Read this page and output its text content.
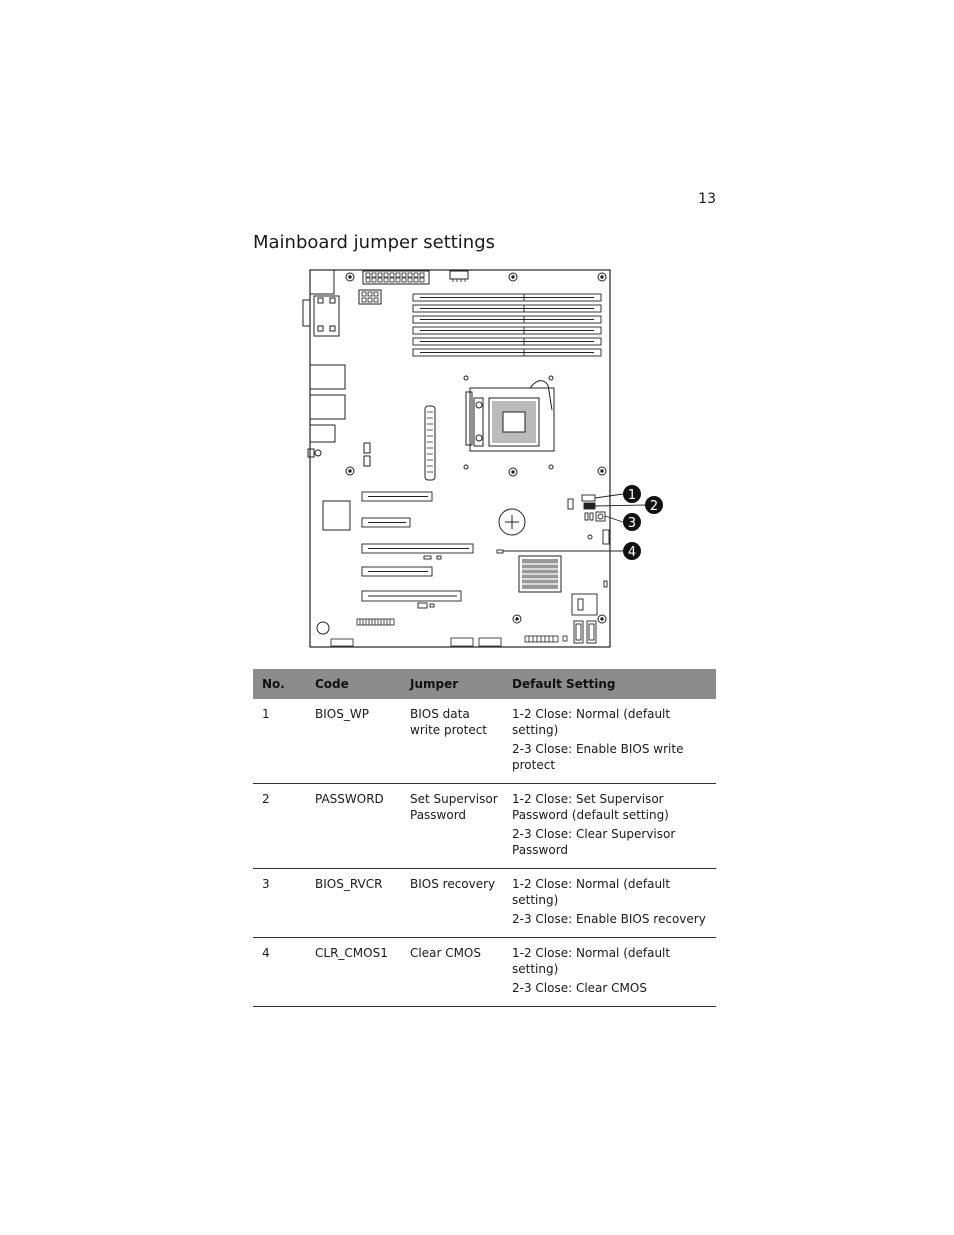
13
Mainboard jumper settings
1
2
3
4
No.	Code	Jumper	Default Setting
1	BIOS_WP	BIOS data write protect	1-2 Close: Normal (default setting)
2-3 Close: Enable BIOS write protect

2	PASSWORD	Set Supervisor Password	1-2 Close: Set Supervisor Password (default setting)
2-3 Close: Clear Supervisor Password

3	BIOS_RVCR	BIOS recovery	1-2 Close: Normal (default setting)
2-3 Close: Enable BIOS recovery

4	CLR_CMOS1	Clear CMOS	1-2 Close: Normal (default setting)
2-3 Close: Clear CMOS
